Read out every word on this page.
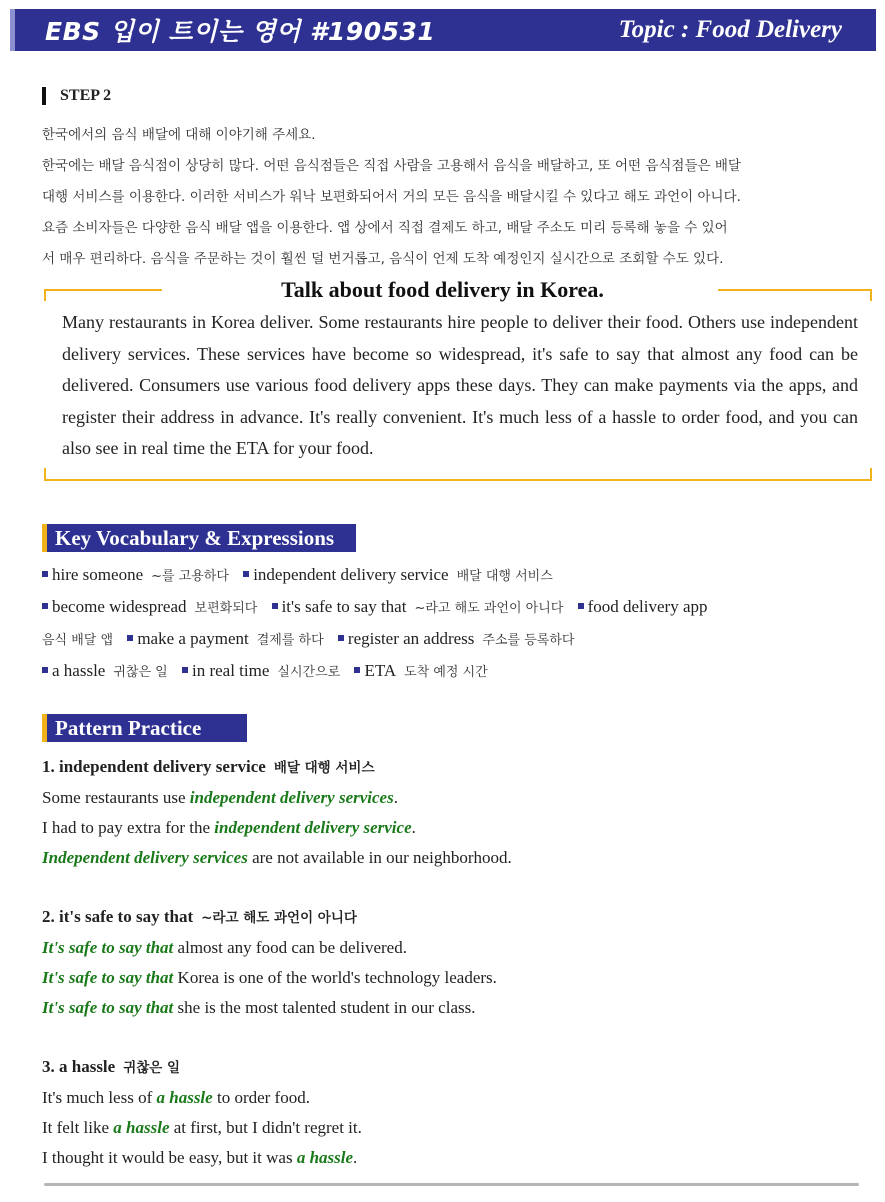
EBS 입이 트이는 영어 #190531	Topic : Food Delivery
STEP 2

한국에서의 음식 배달에 대해 이야기해 주세요.

한국에는 배달 음식점이 상당히 많다. 어떤 음식점들은 직접 사람을 고용해서 음식을 배달하고, 또 어떤 음식점들은 배달

대행 서비스를 이용한다. 이러한 서비스가 워낙 보편화되어서 거의 모든 음식을 배달시킬 수 있다고 해도 과언이 아니다.

요즘 소비자들은 다양한 음식 배달 앱을 이용한다. 앱 상에서 직접 결제도 하고, 배달 주소도 미리 등록해 놓을 수 있어

서 매우 편리하다. 음식을 주문하는 것이 훨씬 덜 번거롭고, 음식이 언제 도착 예정인지 실시간으로 조회할 수도 있다.

Talk about food delivery in Korea.
Many restaurants in Korea deliver. Some restaurants hire people to deliver their food. Others use independent delivery services. These services have become so widespread, it's safe to say that almost any food can be delivered. Consumers use various food delivery apps these days. They can make payments via the apps, and register their address in advance. It's really convenient. It's much less of a hassle to order food, and you can also see in real time the ETA for your food.
Key Vocabulary & Expressions
hire someone ~를 고용하다 independent delivery service 배달 대행 서비스
become widespread 보편화되다 it's safe to say that ~라고 해도 과언이 아니다 food delivery app
음식 배달 앱 make a payment 결제를 하다 register an address 주소를 등록하다
a hassle 귀찮은 일 in real time 실시간으로 ETA 도착 예정 시간
Pattern Practice
1. independent delivery service 배달 대행 서비스
Some restaurants use independent delivery services.
I had to pay extra for the independent delivery service.
Independent delivery services are not available in our neighborhood.
2. it's safe to say that ~라고 해도 과언이 아니다
It's safe to say that almost any food can be delivered.
It's safe to say that Korea is one of the world's technology leaders.
It's safe to say that she is the most talented student in our class.
3. a hassle 귀찮은 일
It's much less of a hassle to order food.
It felt like a hassle at first, but I didn't regret it.
I thought it would be easy, but it was a hassle.
